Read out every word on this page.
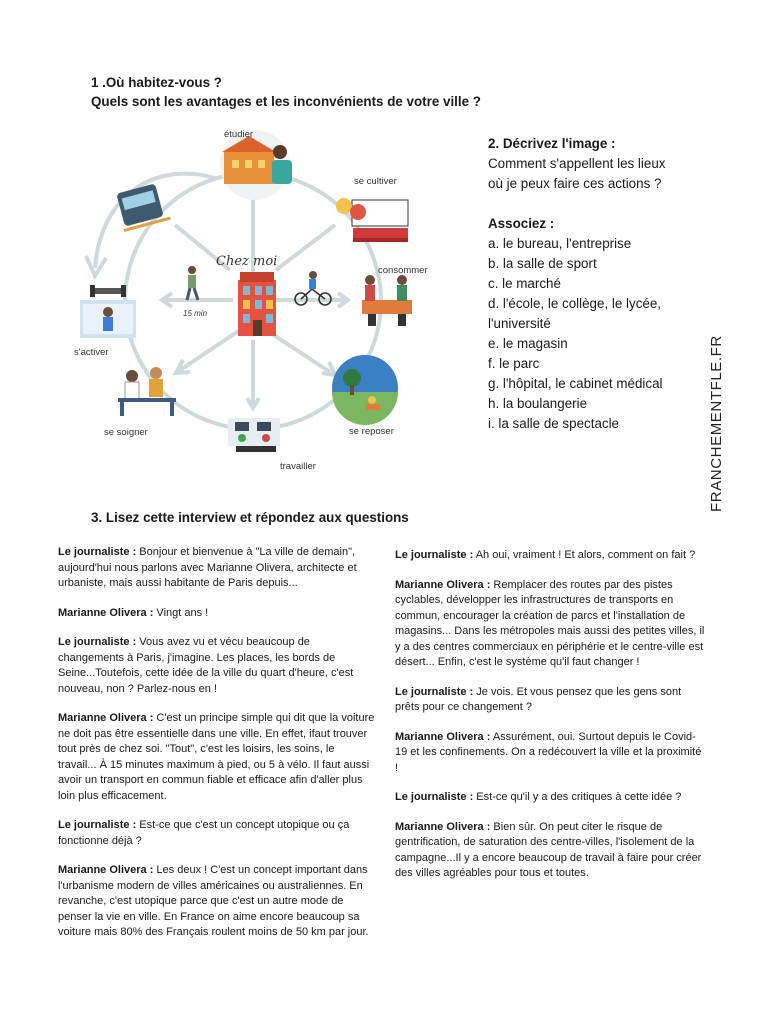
1 .Où habitez-vous ?
Quels sont les avantages et les inconvénients de votre ville ?
étudier
se cultiver
consommer
se reposer
travailler
se soigner
s'activer
Chez moi
15 min
2. Décrivez l'image :
Comment s'appellent les lieux
où je peux faire ces actions ?
Associez :
a. le bureau, l'entreprise
b. la salle de sport
c. le marché
d. l'école, le collège, le lycée,
l'université
e. le magasin
f. le parc
g. l'hôpital, le cabinet médical
h. la boulangerie
i. la salle de spectacle	FRANCHEMENTFLE.FR
3. Lisez cette interview et répondez aux questions

Le journaliste : Bonjour et bienvenue à "La ville de demain", aujourd'hui nous parlons avec Marianne Olivera, architecte et urbaniste, mais aussi habitante de Paris depuis...

Marianne Olivera : Vingt ans !

Le journaliste : Vous avez vu et vécu beaucoup de changements à Paris, j'imagine. Les places, les bords de Seine...Toutefois, cette idée de la ville du quart d'heure, c'est nouveau, non ? Parlez-nous en !

Marianne Olivera : C'est un principe simple qui dit que la voiture ne doit pas être essentielle dans une ville. En effet, ifaut trouver tout près de chez soi. "Tout", c'est les loisirs, les soins, le travail... À 15 minutes maximum à pied, ou 5 à vélo. Il faut aussi avoir un transport en commun fiable et efficace afin d'aller plus loin plus efficacement.

Le journaliste : Est-ce que c'est un concept utopique ou ça fonctionne déjà ?

Marianne Olivera : Les deux ! C'est un concept important dans l'urbanisme modern de villes américaines ou australiennes. En revanche, c'est utopique parce que c'est un autre mode de penser la vie en ville. En France on aime encore beaucoup sa voiture mais 80% des Français roulent moins de 50 km par jour.

Le journaliste : Ah oui, vraiment ! Et alors, comment on fait ?

Marianne Olivera : Remplacer des routes par des pistes cyclables, développer les infrastructures de transports en commun, encourager la création de parcs et l'installation de magasins... Dans les métropoles mais aussi des petites villes, il y a des centres commerciaux en périphérie et le centre-ville est désert... Enfin, c'est le système qu'il faut changer !

Le journaliste : Je vois. Et vous pensez que les gens sont prêts pour ce changement ?

Marianne Olivera : Assurément, oui. Surtout depuis le Covid-19 et les confinements. On a redécouvert la ville et la proximité !

Le journaliste : Est-ce qu'il y a des critiques à cette idée ?

Marianne Olivera : Bien sûr. On peut citer le risque de gentrification, de saturation des centre-villes, l'isolement de la campagne...Il y a encore beaucoup de travail à faire pour créer des villes agréables pour tous et toutes.
